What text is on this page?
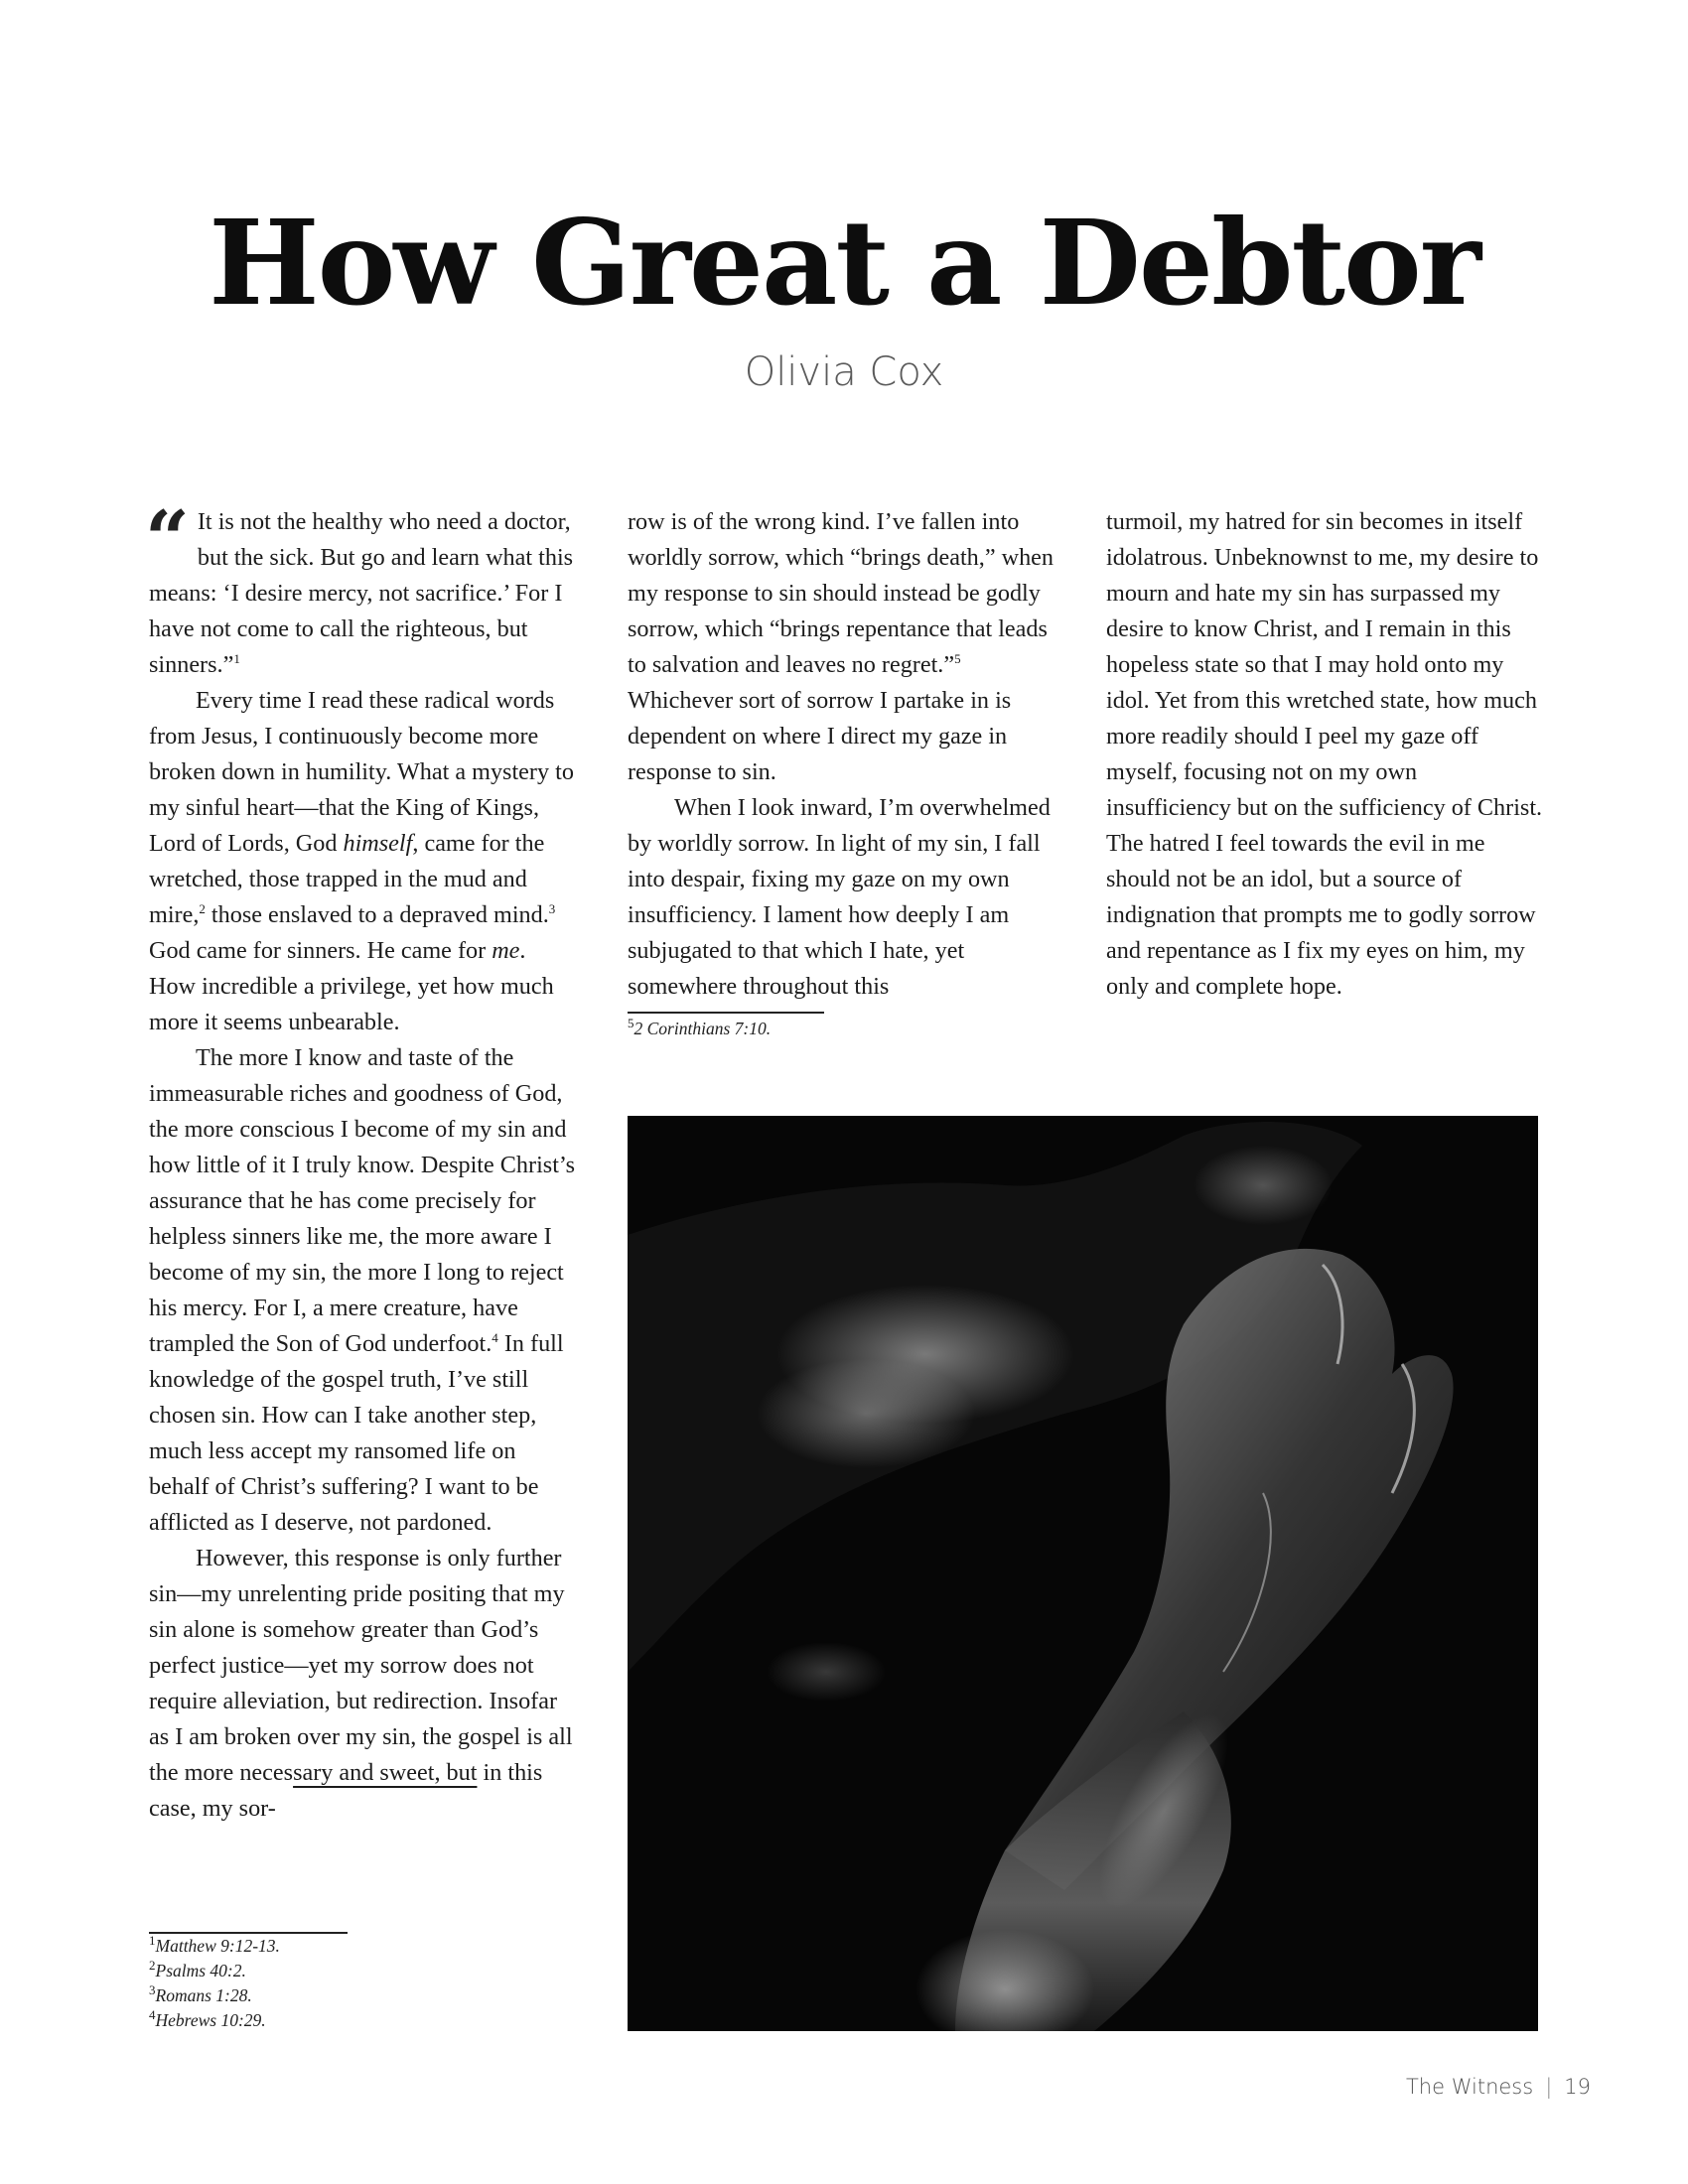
How Great a Debtor
Olivia Cox

“ It is not the healthy who need a doctor, but the sick. But go and learn what this means: ‘I desire mercy, not sacrifice.’ For I have not come to call the righteous, but sinners.”$^1$

Every time I read these radical words from Jesus, I continuously become more broken down in humility. What a mystery to my sinful heart—that the King of Kings, Lord of Lords, God himself, came for the wretched, those trapped in the mud and mire,$^2$ those enslaved to a depraved mind.$^3$ God came for sinners. He came for me. How incredible a privilege, yet how much more it seems unbearable.

The more I know and taste of the immeasurable riches and goodness of God, the more conscious I become of my sin and how little of it I truly know. Despite Christ’s assurance that he has come precisely for helpless sinners like me, the more aware I become of my sin, the more I long to reject his mercy. For I, a mere creature, have trampled the Son of God underfoot.$^4$ In full knowledge of the gospel truth, I’ve still chosen sin. How can I take another step, much less accept my ransomed life on behalf of Christ’s suffering? I want to be afflicted as I deserve, not pardoned.

However, this response is only further sin—my unrelenting pride positing that my sin alone is somehow greater than God’s perfect justice—yet my sorrow does not require alleviation, but redirection. Insofar as I am broken over my sin, the gospel is all the more necessary and sweet, but in this case, my sor-

$^1$Matthew 9:12-13.
$^2$Psalms 40:2.
$^3$Romans 1:28.
$^4$Hebrews 10:29.

row is of the wrong kind. I’ve fallen into worldly sorrow, which “brings death,” when my response to sin should instead be godly sorrow, which “brings repentance that leads to salvation and leaves no regret.”$^5$ Whichever sort of sorrow I partake in is dependent on where I direct my gaze in response to sin.

When I look inward, I’m overwhelmed by worldly sorrow. In light of my sin, I fall into despair, fixing my gaze on my own insufficiency. I lament how deeply I am subjugated to that which I hate, yet somewhere throughout this

$^5$2 Corinthians 7:10.

turmoil, my hatred for sin becomes in itself idolatrous. Unbeknownst to me, my desire to mourn and hate my sin has surpassed my desire to know Christ, and I remain in this hopeless state so that I may hold onto my idol. Yet from this wretched state, how much more readily should I peel my gaze off myself, focusing not on my own insufficiency but on the sufficiency of Christ. The hatred I feel towards the evil in me should not be an idol, but a source of indignation that prompts me to godly sorrow and repentance as I fix my eyes on him, my only and complete hope.

The Witness | 19
